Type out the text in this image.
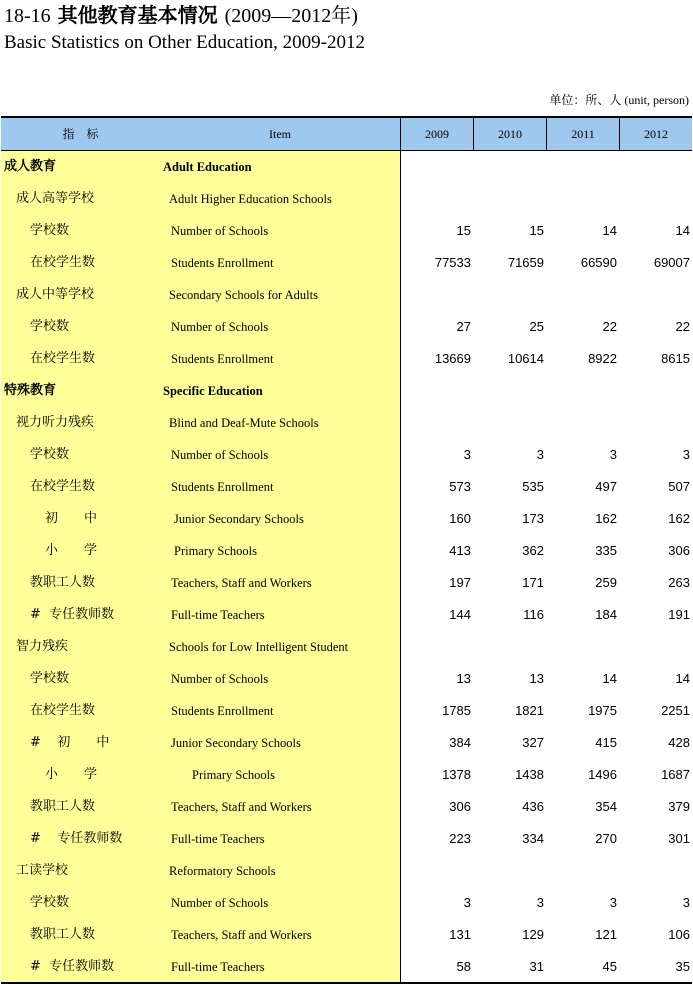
18-16 其他教育基本情况 (2009—2012年)
Basic Statistics on Other Education, 2009-2012
单位：所、人 (unit, person)
指　标	Item	2009	2010	2011	2012
成人教育	Adult Education
成人高等学校	Adult Higher Education Schools
学校数	Number of Schools	15	15	14	14
在校学生数	Students Enrollment	77533	71659	66590	69007
成人中等学校	Secondary Schools for Adults
学校数	Number of Schools	27	25	22	22
在校学生数	Students Enrollment	13669	10614	8922	8615
特殊教育	Specific Education
视力听力残疾	Blind and Deaf-Mute Schools
学校数	Number of Schools	3	3	3	3
在校学生数	Students Enrollment	573	535	497	507
初　　中	Junior Secondary Schools	160	173	162	162
小　　学	Primary Schools	413	362	335	306
教职工人数	Teachers, Staff and Workers	197	171	259	263
#  专任教师数	Full-time Teachers	144	116	184	191
智力残疾	Schools for Low Intelligent Student
学校数	Number of Schools	13	13	14	14
在校学生数	Students Enrollment	1785	1821	1975	2251
#    初　　中	Junior Secondary Schools	384	327	415	428
小　　学	Primary Schools	1378	1438	1496	1687
教职工人数	Teachers, Staff and Workers	306	436	354	379
#    专任教师数	Full-time Teachers	223	334	270	301
工读学校	Reformatory Schools
学校数	Number of Schools	3	3	3	3
教职工人数	Teachers, Staff and Workers	131	129	121	106
#  专任教师数	Full-time Teachers	58	31	45	35
